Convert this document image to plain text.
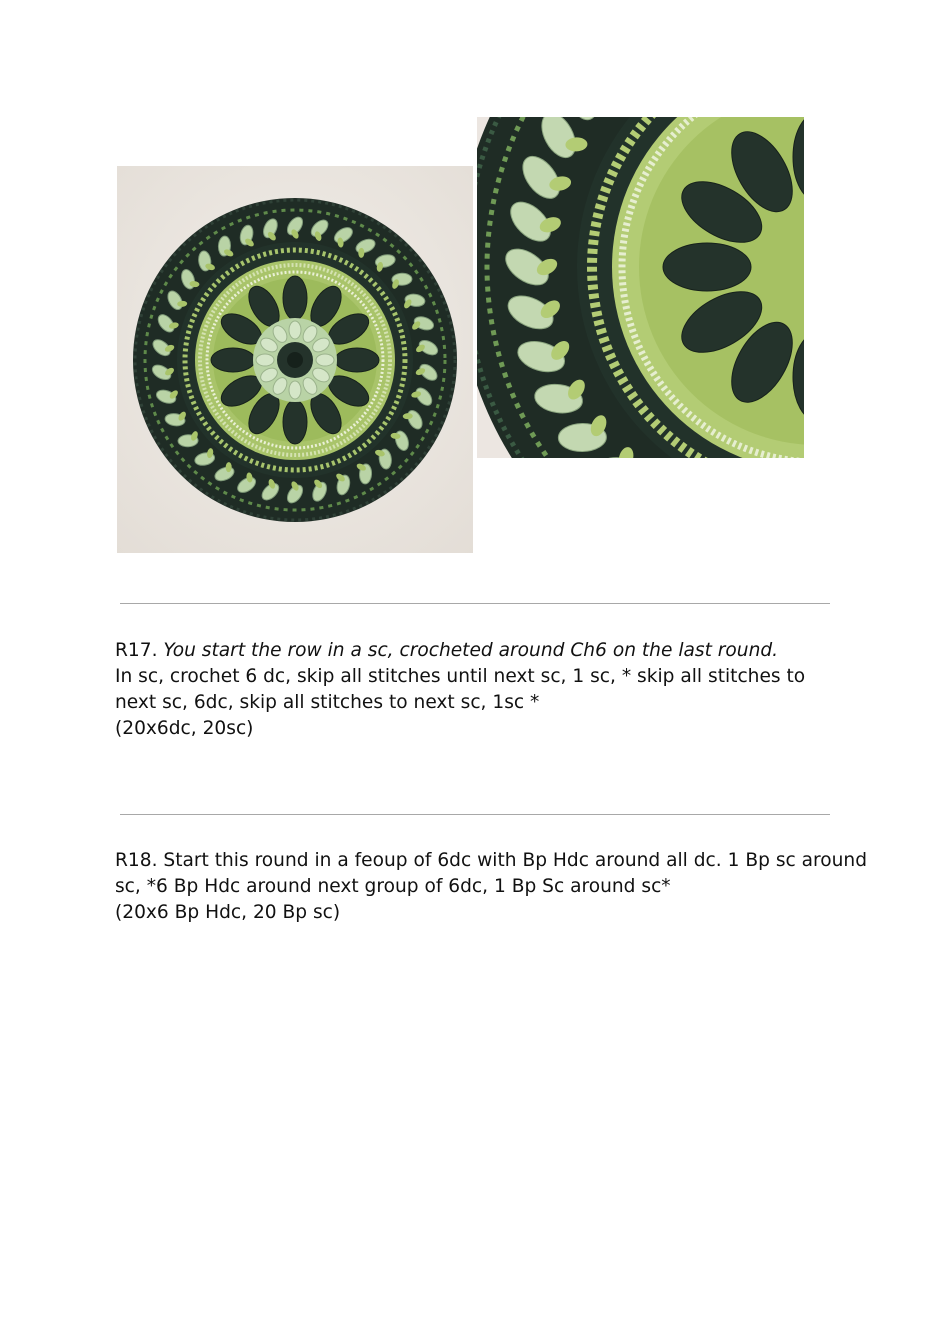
R17. You start the row in a sc, crocheted around Ch6 on the last round.
In sc, crochet 6 dc, skip all stitches until next sc, 1 sc, * skip all stitches to
next sc, 6dc, skip all stitches to next sc, 1sc *
(20x6dc, 20sc)
R18. Start this round in a feoup of 6dc with Bp Hdc around all dc. 1 Bp sc around
sc, *6 Bp Hdc around next group of 6dc, 1 Bp Sc around sc*
(20x6 Bp Hdc, 20 Bp sc)
